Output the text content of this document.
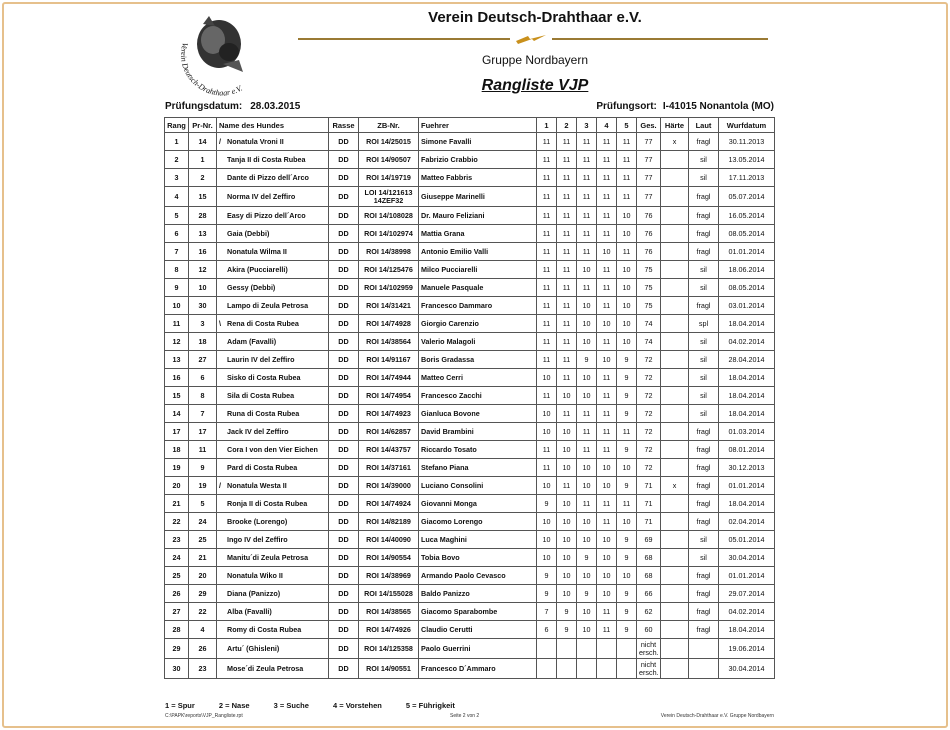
Verein Deutsch-Drahthaar e.V.
Verein Deutsch-Drahthaar e.V.
Gruppe Nordbayern
Rangliste VJP
Prüfungsdatum: 28.03.2015	Prüfungsort: I-41015 Nonantola (MO)
Rang	Pr-Nr.	Name des Hundes	Rasse	ZB-Nr.	Fuehrer	1	2	3	4	5	Ges.	Härte	Laut	Wurfdatum
1	14	/ Nonatula Vroni II	DD	ROI 14/25015	Simone Favalli	11	11	11	11	11	77	x	fragl	30.11.2013
2	1	Tanja II di Costa Rubea	DD	ROI 14/90507	Fabrizio Crabbio	11	11	11	11	11	77		sil	13.05.2014
3	2	Dante di Pizzo dell´Arco	DD	ROI 14/19719	Matteo Fabbris	11	11	11	11	11	77		sil	17.11.2013
4	15	Norma IV del Zeffiro	DD	LOI 14/121613
14ZEF32	Giuseppe Marinelli	11	11	11	11	11	77		fragl	05.07.2014
5	28	Easy di Pizzo dell´Arco	DD	ROI 14/108028	Dr. Mauro Feliziani	11	11	11	11	10	76		fragl	16.05.2014
6	13	Gaia (Debbi)	DD	ROI 14/102974	Mattia Grana	11	11	11	11	10	76		fragl	08.05.2014
7	16	Nonatula Wilma II	DD	ROI 14/38998	Antonio Emilio Valli	11	11	11	10	11	76		fragl	01.01.2014
8	12	Akira (Pucciarelli)	DD	ROI 14/125476	Milco Pucciarelli	11	11	10	11	10	75		sil	18.06.2014
9	10	Gessy (Debbi)	DD	ROI 14/102959	Manuele Pasquale	11	11	11	11	10	75		sil	08.05.2014
10	30	Lampo di Zeula Petrosa	DD	ROI 14/31421	Francesco Dammaro	11	11	10	11	10	75		fragl	03.01.2014
11	3	\ Rena di Costa Rubea	DD	ROI 14/74928	Giorgio Carenzio	11	11	10	10	10	74		spl	18.04.2014
12	18	Adam (Favalli)	DD	ROI 14/38564	Valerio Malagoli	11	11	10	11	10	74		sil	04.02.2014
13	27	Laurin IV del Zeffiro	DD	ROI 14/91167	Boris Gradassa	11	11	9	10	9	72		sil	28.04.2014
16	6	Sisko di Costa Rubea	DD	ROI 14/74944	Matteo Cerri	10	11	10	11	9	72		sil	18.04.2014
15	8	Sila di Costa Rubea	DD	ROI 14/74954	Francesco Zacchi	11	10	10	11	9	72		sil	18.04.2014
14	7	Runa di Costa Rubea	DD	ROI 14/74923	Gianluca Bovone	10	11	11	11	9	72		sil	18.04.2014
17	17	Jack IV del Zeffiro	DD	ROI 14/62857	David Brambini	10	10	11	11	11	72		fragl	01.03.2014
18	11	Cora I von den Vier Eichen	DD	ROI 14/43757	Riccardo Tosato	11	10	11	11	9	72		fragl	08.01.2014
19	9	Pard di Costa Rubea	DD	ROI 14/37161	Stefano Piana	11	10	10	10	10	72		fragl	30.12.2013
20	19	/ Nonatula Westa II	DD	ROI 14/39000	Luciano Consolini	10	11	10	10	9	71	x	fragl	01.01.2014
21	5	Ronja II di Costa Rubea	DD	ROI 14/74924	Giovanni Monga	9	10	11	11	11	71		fragl	18.04.2014
22	24	Brooke (Lorengo)	DD	ROI 14/82189	Giacomo Lorengo	10	10	10	11	10	71		fragl	02.04.2014
23	25	Ingo IV del Zeffiro	DD	ROI 14/40090	Luca Maghini	10	10	10	10	9	69		sil	05.01.2014
24	21	Manitu´di Zeula Petrosa	DD	ROI 14/90554	Tobia Bovo	10	10	9	10	9	68		sil	30.04.2014
25	20	Nonatula Wiko II	DD	ROI 14/38969	Armando Paolo Cevasco	9	10	10	10	10	68		fragl	01.01.2014
26	29	Diana (Panizzo)	DD	ROI 14/155028	Baldo Panizzo	9	10	9	10	9	66		fragl	29.07.2014
27	22	Alba (Favalli)	DD	ROI 14/38565	Giacomo Sparabombe	7	9	10	11	9	62		fragl	04.02.2014
28	4	Romy di Costa Rubea	DD	ROI 14/74926	Claudio Cerutti	6	9	10	11	9	60		fragl	18.04.2014
29	26	Artu´ (Ghisleni)	DD	ROI 14/125358	Paolo Guerrini						nicht ersch.			19.06.2014
30	23	Mose´di Zeula Petrosa	DD	ROI 14/90551	Francesco D´Ammaro						nicht ersch.			30.04.2014
1 = Spur	2 = Nase	3 = Suche	4 = Vorstehen	5 = Führigkeit
C:\PAPK\reports\VJP_Rangliste.rpt	Seite 2 von 2	Verein Deutsch-Drahthaar e.V. Gruppe Nordbayern
